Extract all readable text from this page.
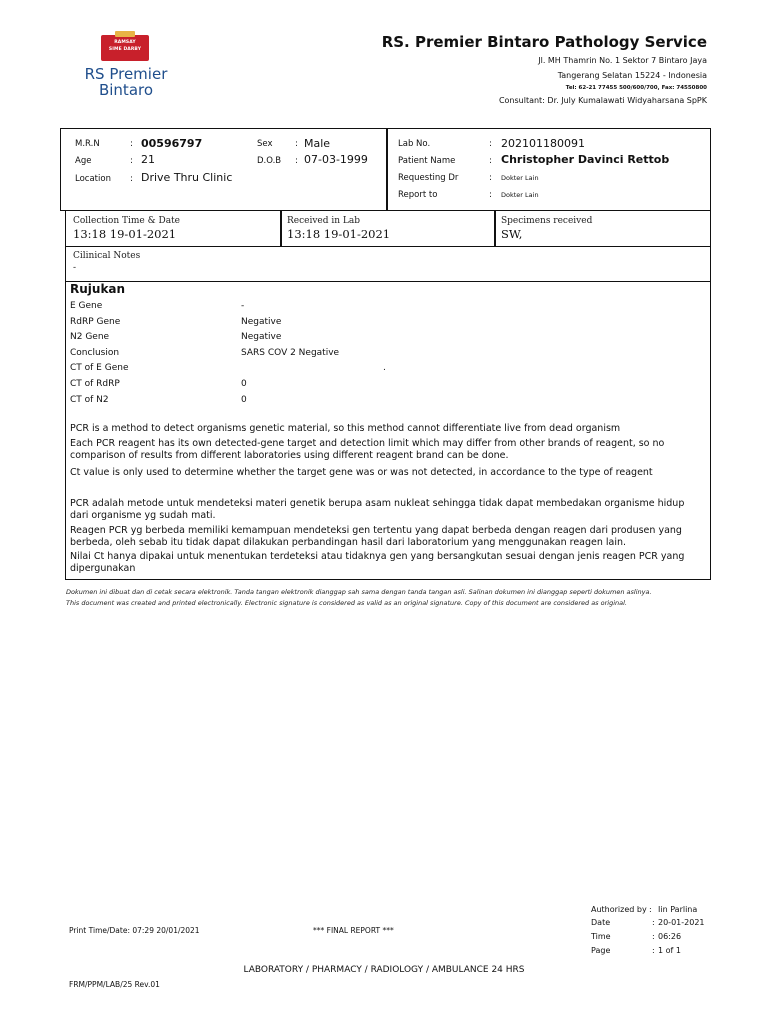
RAMSAY
SIME DARBY
RS Premier
Bintaro
RS. Premier Bintaro Pathology Service
Jl. MH Thamrin No. 1 Sektor 7 Bintaro Jaya
Tangerang Selatan 15224 - Indonesia
Tel: 62-21 77455 500/600/700, Fax: 74550800
Consultant: Dr. July Kumalawati Widyaharsana SpPK
M.R.N	: 00596797
Age	: 21
Location : Drive Thru Clinic
Sex	: Male
D.O.B : 07-03-1999
Lab No.	: 202101180091
Patient Name	: Christopher Davinci Rettob
Requesting Dr	: Dokter Lain
Report to	: Dokter Lain
Collection Time & Date
13:18 19-01-2021
Received in Lab
13:18 19-01-2021
Specimens received
SW,
Cilinical Notes
-
Rujukan
E Gene	-
RdRP Gene	Negative
N2 Gene	Negative
Conclusion	SARS COV 2 Negative
CT of E Gene	.
CT of RdRP	0
CT of N2	0
PCR is a method to detect organisms genetic material, so this method cannot differentiate live from dead organism
Each PCR reagent has its own detected-gene target and detection limit which may differ from other brands of reagent, so no comparison of results from different laboratories using different reagent brand can be done.
Ct value is only used to determine whether the target gene was or was not detected, in accordance to the type of reagent
PCR adalah metode untuk mendeteksi materi genetik berupa asam nukleat sehingga tidak dapat membedakan organisme hidup dari organisme yg sudah mati.
Reagen PCR yg berbeda memiliki kemampuan mendeteksi gen tertentu yang dapat berbeda dengan reagen dari produsen yang berbeda, oleh sebab itu tidak dapat dilakukan perbandingan hasil dari laboratorium yang menggunakan reagen lain.
Nilai Ct hanya dipakai untuk menentukan terdeteksi atau tidaknya gen yang bersangkutan sesuai dengan jenis reagen PCR yang dipergunakan
Dokumen ini dibuat dan di cetak secara elektronik. Tanda tangan elektronik dianggap sah sama dengan tanda tangan asli. Salinan dokumen ini dianggap seperti dokumen aslinya.
This document was created and printed electronically. Electronic signature is considered as valid as an original signature. Copy of this document are considered as original.
Authorized by : Iin Parlina
Date	: 20-01-2021
Time	: 06:26
Page	: 1 of 1
Print Time/Date: 07:29 20/01/2021	*** FINAL REPORT ***
LABORATORY / PHARMACY / RADIOLOGY / AMBULANCE 24 HRS
FRM/PPM/LAB/25 Rev.01
